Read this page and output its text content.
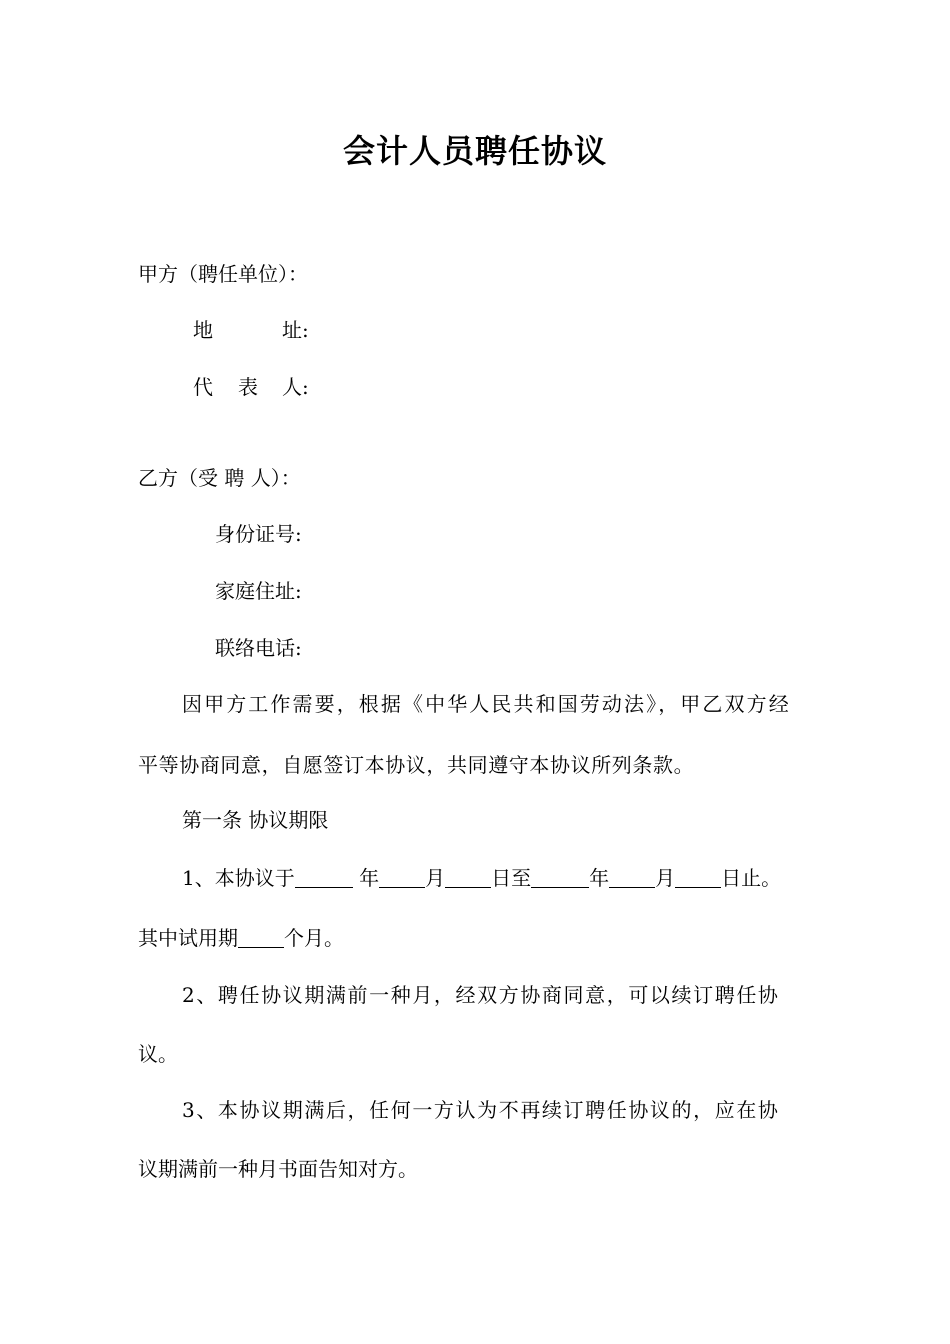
会计人员聘任协议
甲方（聘任单位）：
地	址:
代 表 人:
乙方（受 聘 人）：
身份证号:
家庭住址:
联络电话:
因甲方工作需要，根据《中华人民共和国劳动法》，甲乙双方经
平等协商同意，自愿签订本协议，共同遵守本协议所列条款。
第一条 协议期限
1、本协议于	年 月 日至	年 月 日止。
其中试用期 个月。
2、聘任协议期满前一种月，经双方协商同意，可以续订聘任协
议。
3、本协议期满后，任何一方认为不再续订聘任协议的，应在协
议期满前一种月书面告知对方。
